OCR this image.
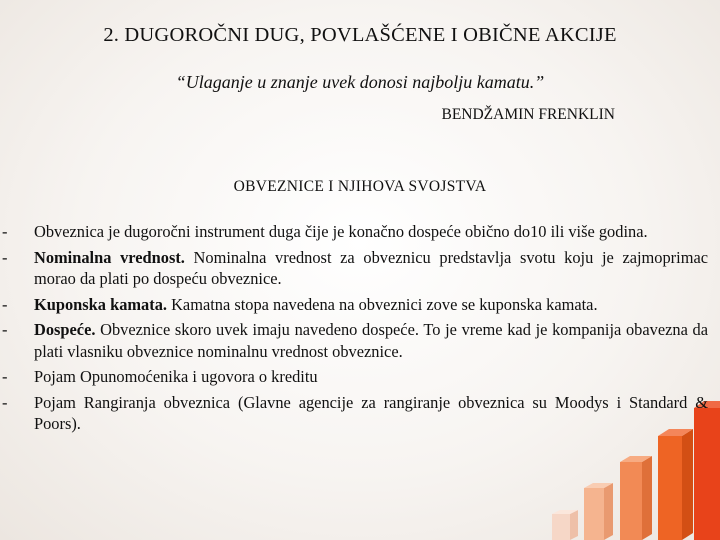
2. DUGOROČNI DUG, POVLAŠĆENE I OBIČNE AKCIJE
“Ulaganje u znanje uvek donosi najbolju kamatu.”
BENDŽAMIN FRENKLIN
OBVEZNICE I NJIHOVA SVOJSTVA
- Obveznica je dugoročni instrument duga čije je konačno dospeće obično do10 ili više godina.
- Nominalna vrednost. Nominalna vrednost za obveznicu predstavlja svotu koju je zajmoprimac morao da plati po dospeću obveznice.
- Kuponska kamata. Kamatna stopa navedena na obveznici zove se kuponska kamata.
- Dospeće. Obveznice skoro uvek imaju navedeno dospeće. To je vreme kad je kompanija obavezna da plati vlasniku obveznice nominalnu vrednost obveznice.
- Pojam Opunomoćenika i ugovora o kreditu
- Pojam Rangiranja obveznica (Glavne agencije za rangiranje obveznica su Moodys i Standard & Poors).
